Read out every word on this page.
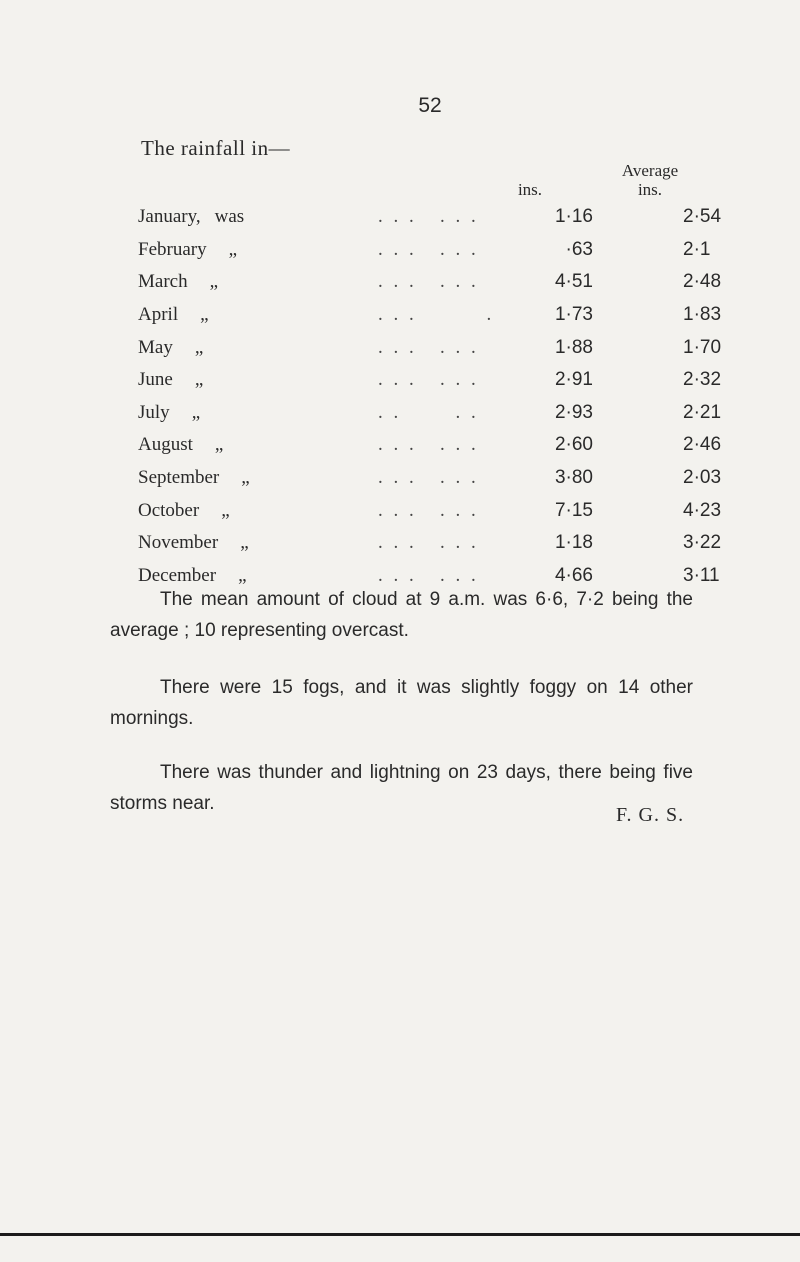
52
The rainfall in—
ins.
Average
ins.
January, was	. . .   . . .	1·16	2·54
February „	. . .   . . .	·63	2·1
March „	. . .   . . .	4·51	2·48
April „	. . .         .	1·73	1·83
May „	. . .   . . .	1·88	1·70
June „	. . .   . . .	2·91	2·32
July „	. .       . .	2·93	2·21
August „	. . .   . . .	2·60	2·46
September „	. . .   . . .	3·80	2·03
October „	. . .   . . .	7·15	4·23
November „	. . .   . . .	1·18	3·22
December „	. . .   . . .	4·66	3·11

The mean amount of cloud at 9 a.m. was 6·6, 7·2 being the average ; 10 representing overcast.

There were 15 fogs, and it was slightly foggy on 14 other mornings.

There was thunder and lightning on 23 days, there being five storms near.

F. G. S.
